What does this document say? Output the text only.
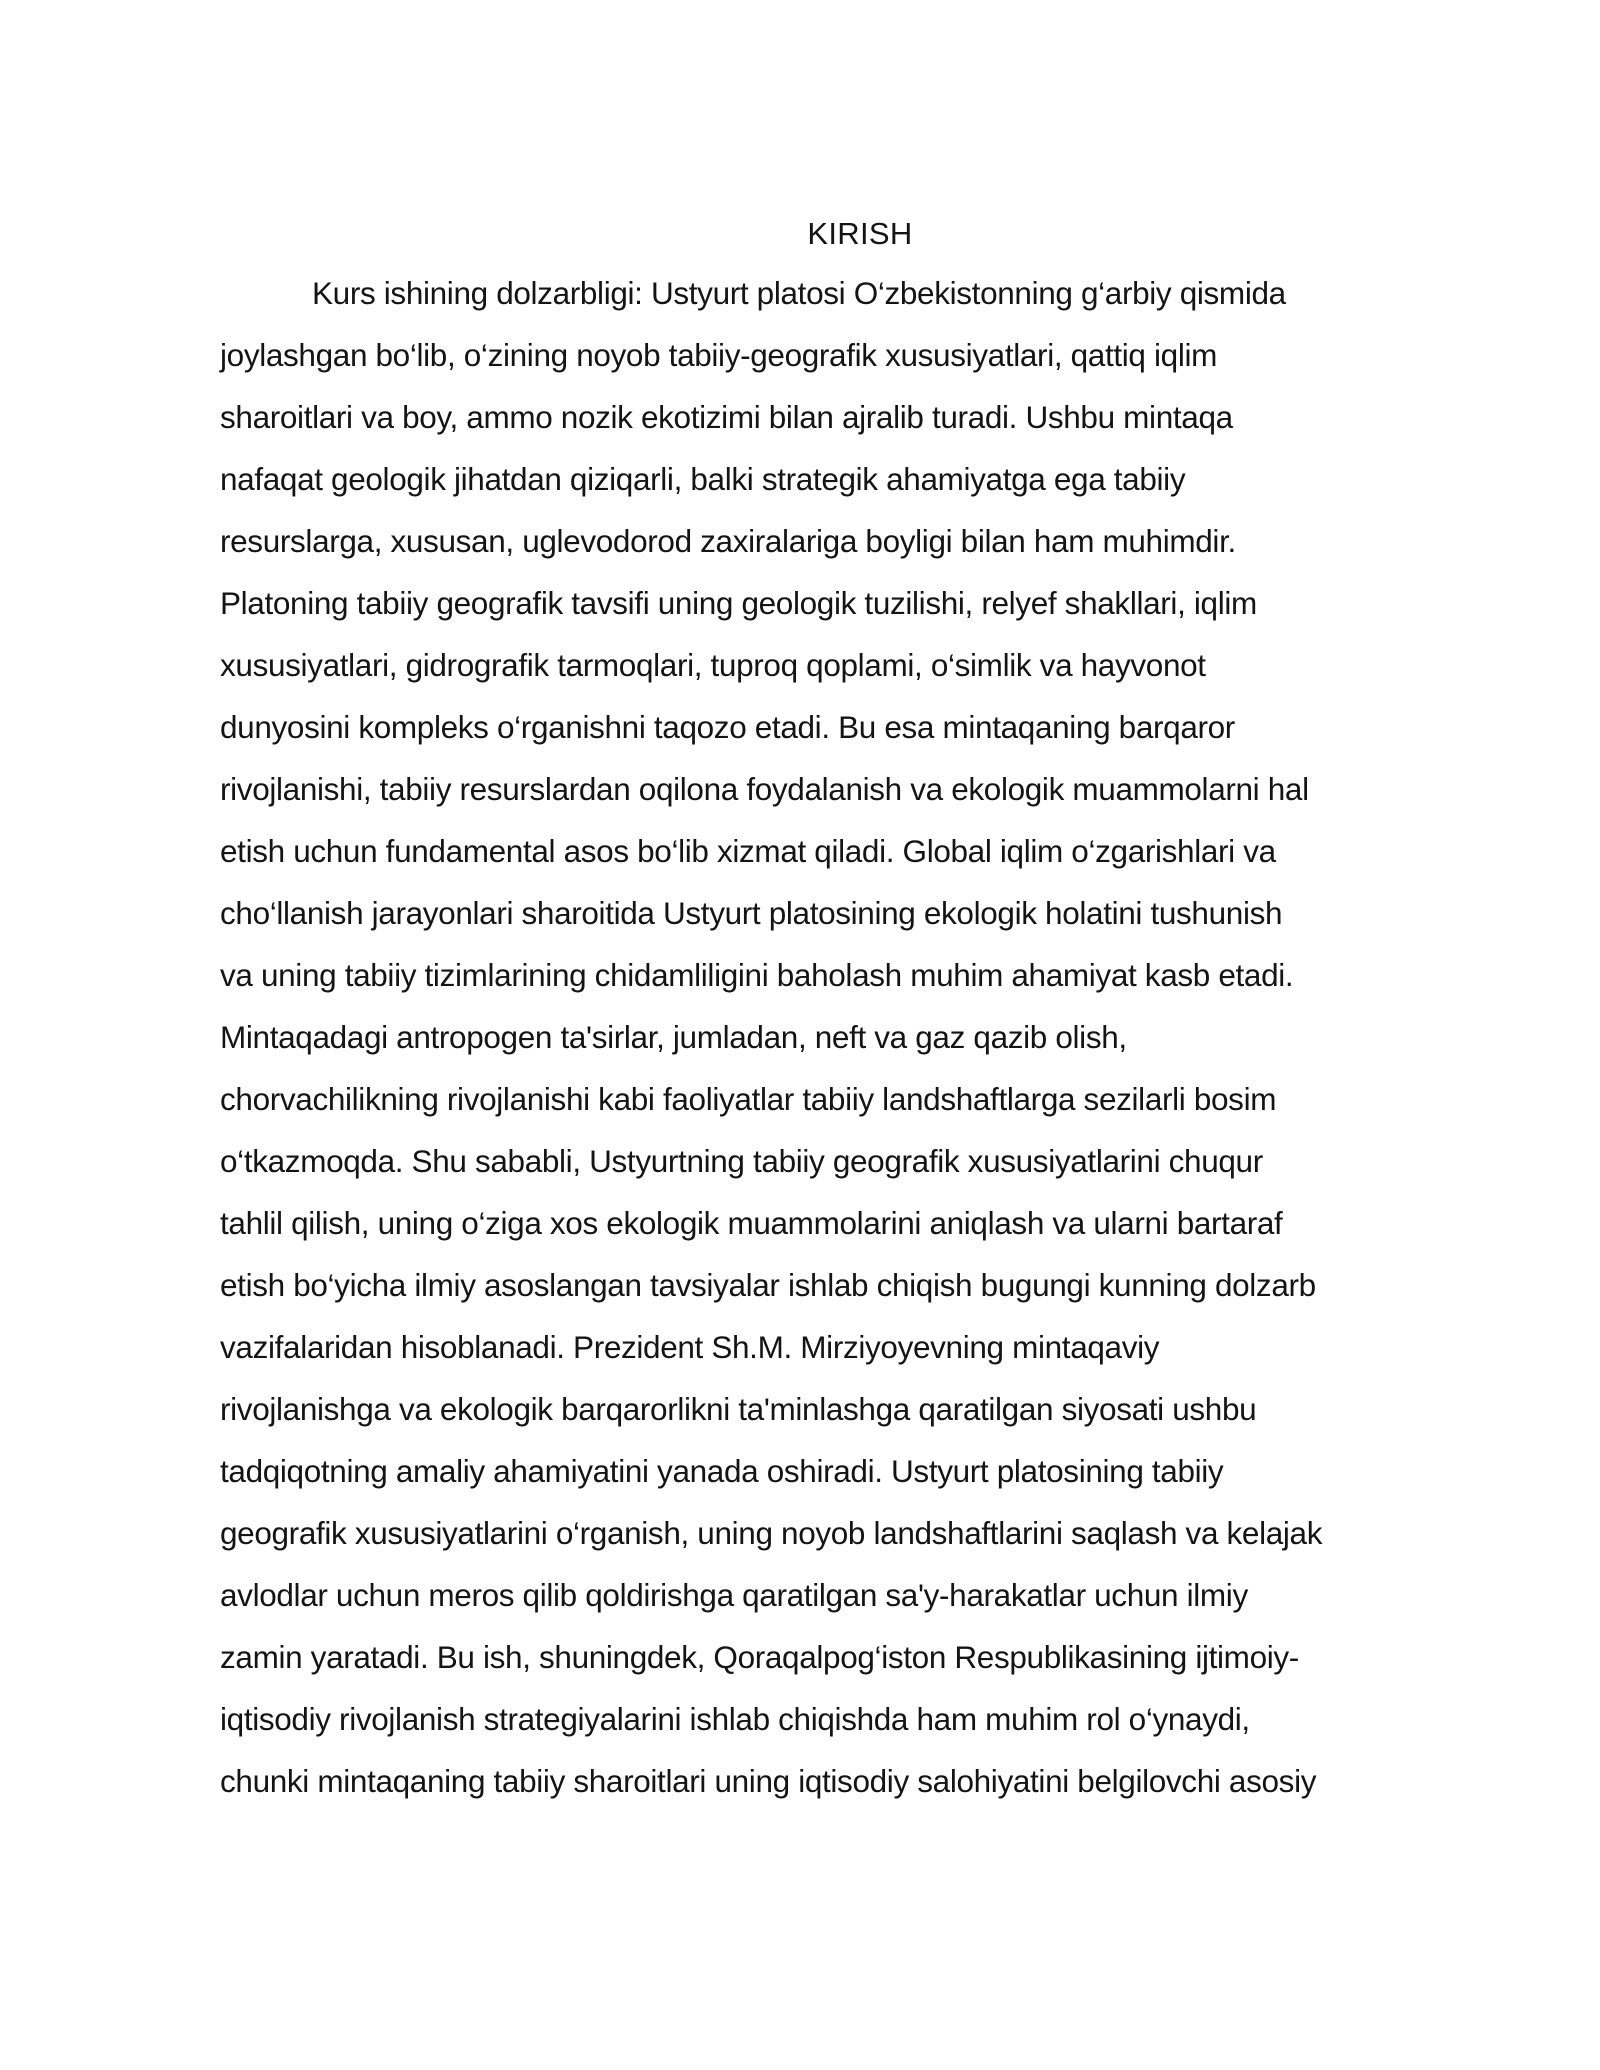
KIRISH
Kurs ishining dolzarbligi: Ustyurt platosi O‘zbekistonning g‘arbiy qismida
joylashgan bo‘lib, o‘zining noyob tabiiy-geografik xususiyatlari, qattiq iqlim
sharoitlari va boy, ammo nozik ekotizimi bilan ajralib turadi. Ushbu mintaqa
nafaqat geologik jihatdan qiziqarli, balki strategik ahamiyatga ega tabiiy
resurslarga, xususan, uglevodorod zaxiralariga boyligi bilan ham muhimdir.
Platoning tabiiy geografik tavsifi uning geologik tuzilishi, relyef shakllari, iqlim
xususiyatlari, gidrografik tarmoqlari, tuproq qoplami, o‘simlik va hayvonot
dunyosini kompleks o‘rganishni taqozo etadi. Bu esa mintaqaning barqaror
rivojlanishi, tabiiy resurslardan oqilona foydalanish va ekologik muammolarni hal
etish uchun fundamental asos bo‘lib xizmat qiladi. Global iqlim o‘zgarishlari va
cho‘llanish jarayonlari sharoitida Ustyurt platosining ekologik holatini tushunish
va uning tabiiy tizimlarining chidamliligini baholash muhim ahamiyat kasb etadi.
Mintaqadagi antropogen ta'sirlar, jumladan, neft va gaz qazib olish,
chorvachilikning rivojlanishi kabi faoliyatlar tabiiy landshaftlarga sezilarli bosim
o‘tkazmoqda. Shu sababli, Ustyurtning tabiiy geografik xususiyatlarini chuqur
tahlil qilish, uning o‘ziga xos ekologik muammolarini aniqlash va ularni bartaraf
etish bo‘yicha ilmiy asoslangan tavsiyalar ishlab chiqish bugungi kunning dolzarb
vazifalaridan hisoblanadi. Prezident Sh.M. Mirziyoyevning mintaqaviy
rivojlanishga va ekologik barqarorlikni ta'minlashga qaratilgan siyosati ushbu
tadqiqotning amaliy ahamiyatini yanada oshiradi. Ustyurt platosining tabiiy
geografik xususiyatlarini o‘rganish, uning noyob landshaftlarini saqlash va kelajak
avlodlar uchun meros qilib qoldirishga qaratilgan sa'y-harakatlar uchun ilmiy
zamin yaratadi. Bu ish, shuningdek, Qoraqalpog‘iston Respublikasining ijtimoiy-
iqtisodiy rivojlanish strategiyalarini ishlab chiqishda ham muhim rol o‘ynaydi,
chunki mintaqaning tabiiy sharoitlari uning iqtisodiy salohiyatini belgilovchi asosiy
